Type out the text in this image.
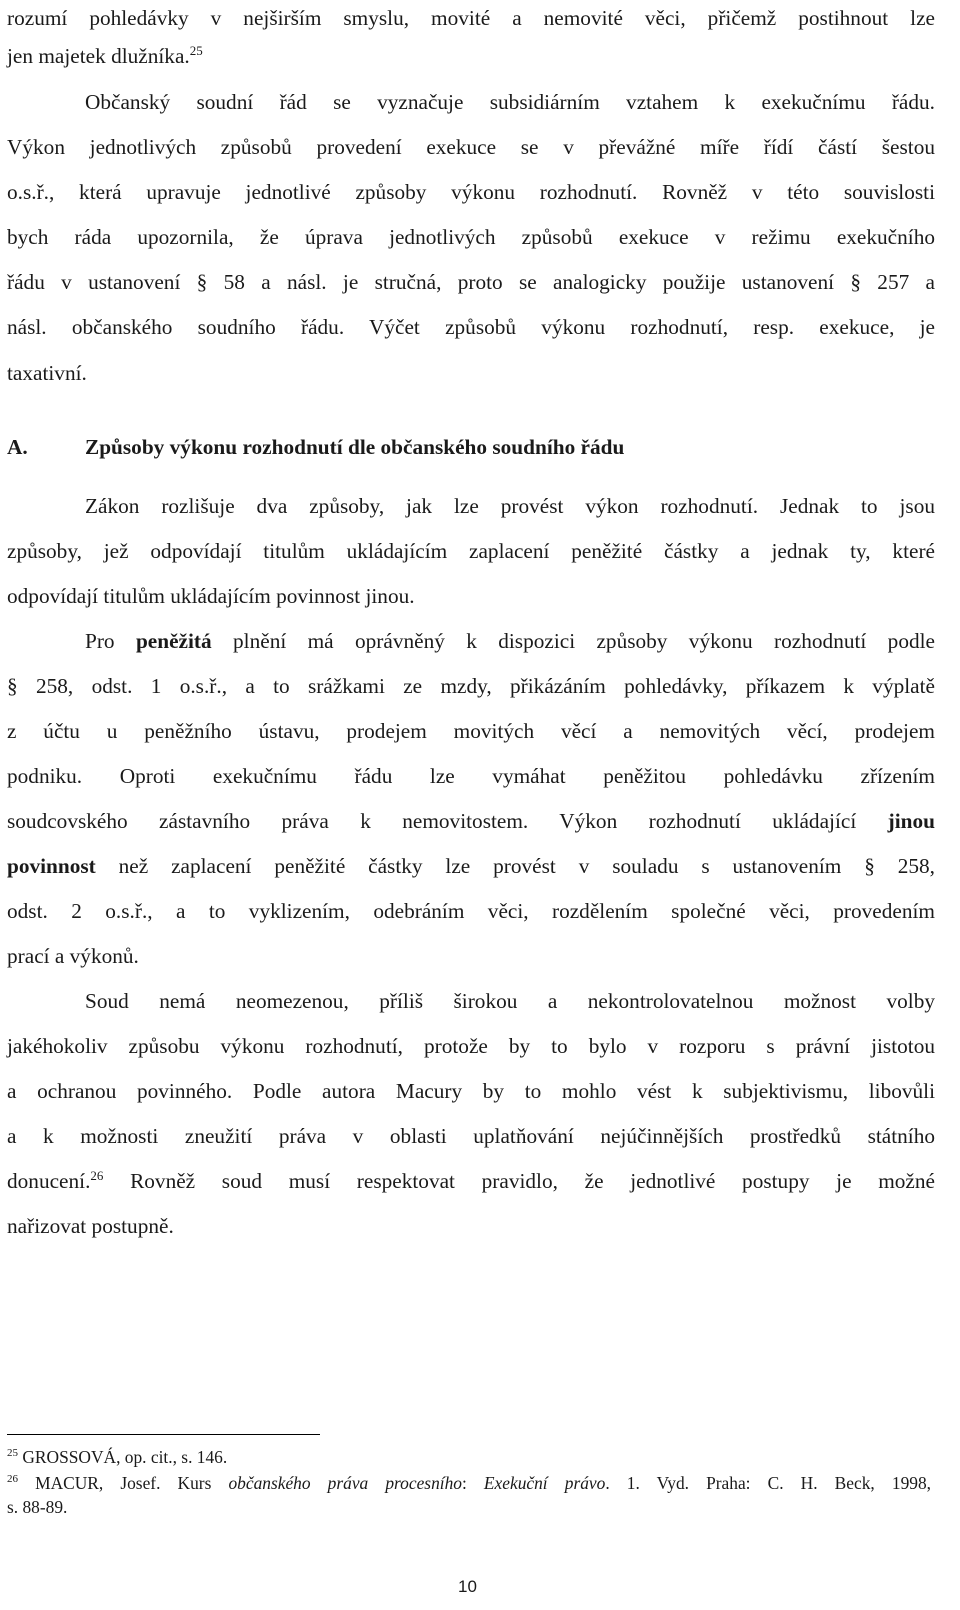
rozumí pohledávky v nejširším smyslu, movité a nemovité věci, přičemž postihnout lze
jen majetek dlužníka.$^{25}$
Občanský soudní řád se vyznačuje subsidiárním vztahem k exekučnímu řádu.
Výkon jednotlivých způsobů provedení exekuce se v převážné míře řídí částí šestou
o.s.ř., která upravuje jednotlivé způsoby výkonu rozhodnutí. Rovněž v této souvislosti
bych ráda upozornila, že úprava jednotlivých způsobů exekuce v režimu exekučního
řádu v ustanovení § 58 a násl. je stručná, proto se analogicky použije ustanovení § 257 a
násl. občanského soudního řádu. Výčet způsobů výkonu rozhodnutí, resp. exekuce, je
taxativní.
A.	Způsoby výkonu rozhodnutí dle občanského soudního řádu
Zákon rozlišuje dva způsoby, jak lze provést výkon rozhodnutí. Jednak to jsou
způsoby, jež odpovídají titulům ukládajícím zaplacení peněžité částky a jednak ty, které
odpovídají titulům ukládajícím povinnost jinou.
Pro peněžitá plnění má oprávněný k dispozici způsoby výkonu rozhodnutí podle
§ 258, odst. 1 o.s.ř., a to srážkami ze mzdy, přikázáním pohledávky, příkazem k výplatě
z účtu u peněžního ústavu, prodejem movitých věcí a nemovitých věcí, prodejem
podniku. Oproti exekučnímu řádu lze vymáhat peněžitou pohledávku zřízením
soudcovského zástavního práva k nemovitostem. Výkon rozhodnutí ukládající jinou
povinnost než zaplacení peněžité částky lze provést v souladu s ustanovením § 258,
odst. 2 o.s.ř., a to vyklizením, odebráním věci, rozdělením společné věci, provedením
prací a výkonů.
Soud nemá neomezenou, příliš širokou a nekontrolovatelnou možnost volby
jakéhokoliv způsobu výkonu rozhodnutí, protože by to bylo v rozporu s právní jistotou
a ochranou povinného. Podle autora Macury by to mohlo vést k subjektivismu, libovůli
a k možnosti zneužití práva v oblasti uplatňování nejúčinnějších prostředků státního
donucení.$^{26}$ Rovněž soud musí respektovat pravidlo, že jednotlivé postupy je možné
nařizovat postupně.
$^{25}$ GROSSOVÁ, op. cit., s. 146.
$^{26}$ MACUR, Josef. Kurs občanského práva procesního: Exekuční právo. 1. Vyd. Praha: C. H. Beck, 1998,
s. 88-89.
10
